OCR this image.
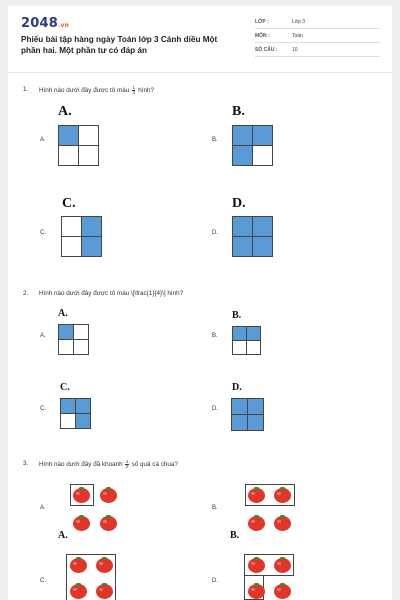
2048.vn
Phiếu bài tập hàng ngày Toán lớp 3 Cánh diều Một phần hai. Một phần tư có đáp án
LỚP :	Lớp 3
MÔN :	Toán
SỐ CÂU :	10
1. Hình nào dưới đây được tô màu $\frac{1}{4}$ hình?
A.	B.
A.	B.
C.	D.
C.	D.
2. Hình nào dưới đây được tô màu \[\frac{1}{4}\] hình?
A.	B.
A.	B.
C.	D.
C.	D.
3. Hình nào dưới đây đã khoanh $\frac{1}{2}$ số quả cà chua?
A.
A.
B.
B.
C.	D.
